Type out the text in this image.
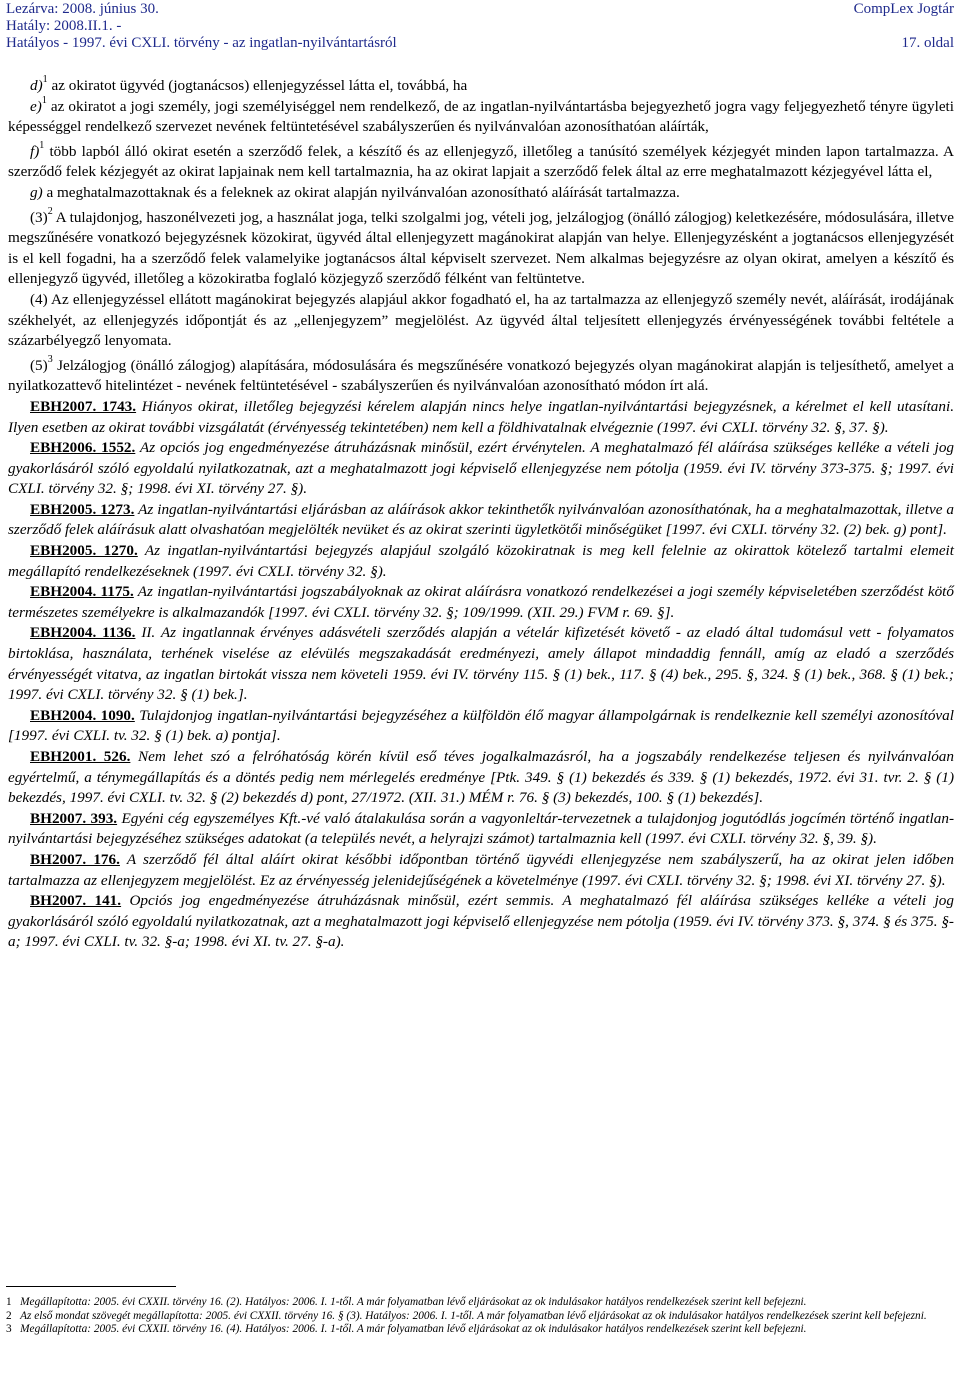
Lezárva: 2008. június 30.
Hatály: 2008.II.1. -
Hatályos - 1997. évi CXLI. törvény - az ingatlan-nyilvántartásról
CompLex Jogtár
17. oldal

d)$^1$ az okiratot ügyvéd (jogtanácsos) ellenjegyzéssel látta el, továbbá, ha

e)$^1$ az okiratot a jogi személy, jogi személyiséggel nem rendelkező, de az ingatlan-nyilvántartásba bejegyezhető jogra vagy feljegyezhető tényre ügyleti képességgel rendelkező szervezet nevének feltüntetésével szabályszerűen és nyilvánvalóan azonosíthatóan aláírták,

f)$^1$ több lapból álló okirat esetén a szerződő felek, a készítő és az ellenjegyző, illetőleg a tanúsító személyek kézjegyét minden lapon tartalmazza. A szerződő felek kézjegyét az okirat lapjainak nem kell tartalmaznia, ha az okirat lapjait a szerződő felek által az erre meghatalmazott kézjegyével látta el,

g) a meghatalmazottaknak és a feleknek az okirat alapján nyilvánvalóan azonosítható aláírását tartalmazza.

$(3)^2$ A tulajdonjog, haszonélvezeti jog, a használat joga, telki szolgalmi jog, vételi jog, jelzálogjog (önálló zálogjog) keletkezésére, módosulására, illetve megszűnésére vonatkozó bejegyzésnek közokirat, ügyvéd által ellenjegyzett magánokirat alapján van helye. Ellenjegyzésként a jogtanácsos ellenjegyzését is el kell fogadni, ha a szerződő felek valamelyike jogtanácsos által képviselt szervezet. Nem alkalmas bejegyzésre az olyan okirat, amelyen a készítő és ellenjegyző ügyvéd, illetőleg a közokiratba foglaló közjegyző szerződő félként van feltüntetve.

(4) Az ellenjegyzéssel ellátott magánokirat bejegyzés alapjául akkor fogadható el, ha az tartalmazza az ellenjegyző személy nevét, aláírását, irodájának székhelyét, az ellenjegyzés időpontját és az „ellenjegyzem” megjelölést. Az ügyvéd által teljesített ellenjegyzés érvényességének további feltétele a százarbélyegző lenyomata.

$(5)^3$ Jelzálogjog (önálló zálogjog) alapítására, módosulására és megszűnésére vonatkozó bejegyzés olyan magánokirat alapján is teljesíthető, amelyet a nyilatkozattevő hitelintézet - nevének feltüntetésével - szabályszerűen és nyilvánvalóan azonosítható módon írt alá.

EBH2007. 1743. Hiányos okirat, illetőleg bejegyzési kérelem alapján nincs helye ingatlan-nyilvántartási bejegyzésnek, a kérelmet el kell utasítani. Ilyen esetben az okirat további vizsgálatát (érvényesség tekintetében) nem kell a földhivatalnak elvégeznie (1997. évi CXLI. törvény 32. §, 37. §).

EBH2006. 1552. Az opciós jog engedményezése átruházásnak minősül, ezért érvénytelen. A meghatalmazó fél aláírása szükséges kelléke a vételi jog gyakorlásáról szóló egyoldalú nyilatkozatnak, azt a meghatalmazott jogi képviselő ellenjegyzése nem pótolja (1959. évi IV. törvény 373-375. §; 1997. évi CXLI. törvény 32. §; 1998. évi XI. törvény 27. §).

EBH2005. 1273. Az ingatlan-nyilvántartási eljárásban az aláírások akkor tekinthetők nyilvánvalóan azonosíthatónak, ha a meghatalmazottak, illetve a szerződő felek aláírásuk alatt olvashatóan megjelölték nevüket és az okirat szerinti ügyletkötői minőségüket [1997. évi CXLI. törvény 32. (2) bek. g) pont].

EBH2005. 1270. Az ingatlan-nyilvántartási bejegyzés alapjául szolgáló közokiratnak is meg kell felelnie az okirattok kötelező tartalmi elemeit megállapító rendelkezéseknek (1997. évi CXLI. törvény 32. §).

EBH2004. 1175. Az ingatlan-nyilvántartási jogszabályoknak az okirat aláírásra vonatkozó rendelkezései a jogi személy képviseletében szerződést kötő természetes személyekre is alkalmazandók [1997. évi CXLI. törvény 32. §; 109/1999. (XII. 29.) FVM r. 69. §].

EBH2004. 1136. II. Az ingatlannak érvényes adásvételi szerződés alapján a vételár kifizetését követő - az eladó által tudomásul vett - folyamatos birtoklása, használata, terhének viselése az elévülés megszakadását eredményezi, amely állapot mindaddig fennáll, amíg az eladó a szerződés érvényességét vitatva, az ingatlan birtokát vissza nem követeli 1959. évi IV. törvény 115. § (1) bek., 117. § (4) bek., 295. §, 324. § (1) bek., 368. § (1) bek.; 1997. évi CXLI. törvény 32. § (1) bek.].

EBH2004. 1090. Tulajdonjog ingatlan-nyilvántartási bejegyzéséhez a külföldön élő magyar állampolgárnak is rendelkeznie kell személyi azonosítóval [1997. évi CXLI. tv. 32. § (1) bek. a) pontja].

EBH2001. 526. Nem lehet szó a felróhatóság körén kívül eső téves jogalkalmazásról, ha a jogszabály rendelkezése teljesen és nyilvánvalóan egyértelmű, a ténymegállapítás és a döntés pedig nem mérlegelés eredménye [Ptk. 349. § (1) bekezdés és 339. § (1) bekezdés, 1972. évi 31. tvr. 2. § (1) bekezdés, 1997. évi CXLI. tv. 32. § (2) bekezdés d) pont, 27/1972. (XII. 31.) MÉM r. 76. § (3) bekezdés, 100. § (1) bekezdés].

BH2007. 393. Egyéni cég egyszemélyes Kft.-vé való átalakulása során a vagyonleltár-tervezetnek a tulajdonjog jogutódlás jogcímén történő ingatlan-nyilvántartási bejegyzéséhez szükséges adatokat (a település nevét, a helyrajzi számot) tartalmaznia kell (1997. évi CXLI. törvény 32. §, 39. §).

BH2007. 176. A szerződő fél által aláírt okirat későbbi időpontban történő ügyvédi ellenjegyzése nem szabályszerű, ha az okirat jelen időben tartalmazza az ellenjegyzem megjelölést. Ez az érvényesség jelenidejűségének a követelménye (1997. évi CXLI. törvény 32. §; 1998. évi XI. törvény 27. §).

BH2007. 141. Opciós jog engedményezése átruházásnak minősül, ezért semmis. A meghatalmazó fél aláírása szükséges kelléke a vételi jog gyakorlásáról szóló egyoldalú nyilatkozatnak, azt a meghatalmazott jogi képviselő ellenjegyzése nem pótolja (1959. évi IV. törvény 373. §, 374. § és 375. §-a; 1997. évi CXLI. tv. 32. §-a; 1998. évi XI. tv. 27. §-a).

1 Megállapította: 2005. évi CXXII. törvény 16. (2). Hatályos: 2006. I. 1-től. A már folyamatban lévő eljárásokat az ok indulásakor hatályos rendelkezések szerint kell befejezni.

2 Az első mondat szövegét megállapította: 2005. évi CXXII. törvény 16. § (3). Hatályos: 2006. I. 1-től. A már folyamatban lévő eljárásokat az ok indulásakor hatályos rendelkezések szerint kell befejezni.

3 Megállapította: 2005. évi CXXII. törvény 16. (4). Hatályos: 2006. I. 1-től. A már folyamatban lévő eljárásokat az ok indulásakor hatályos rendelkezések szerint kell befejezni.
